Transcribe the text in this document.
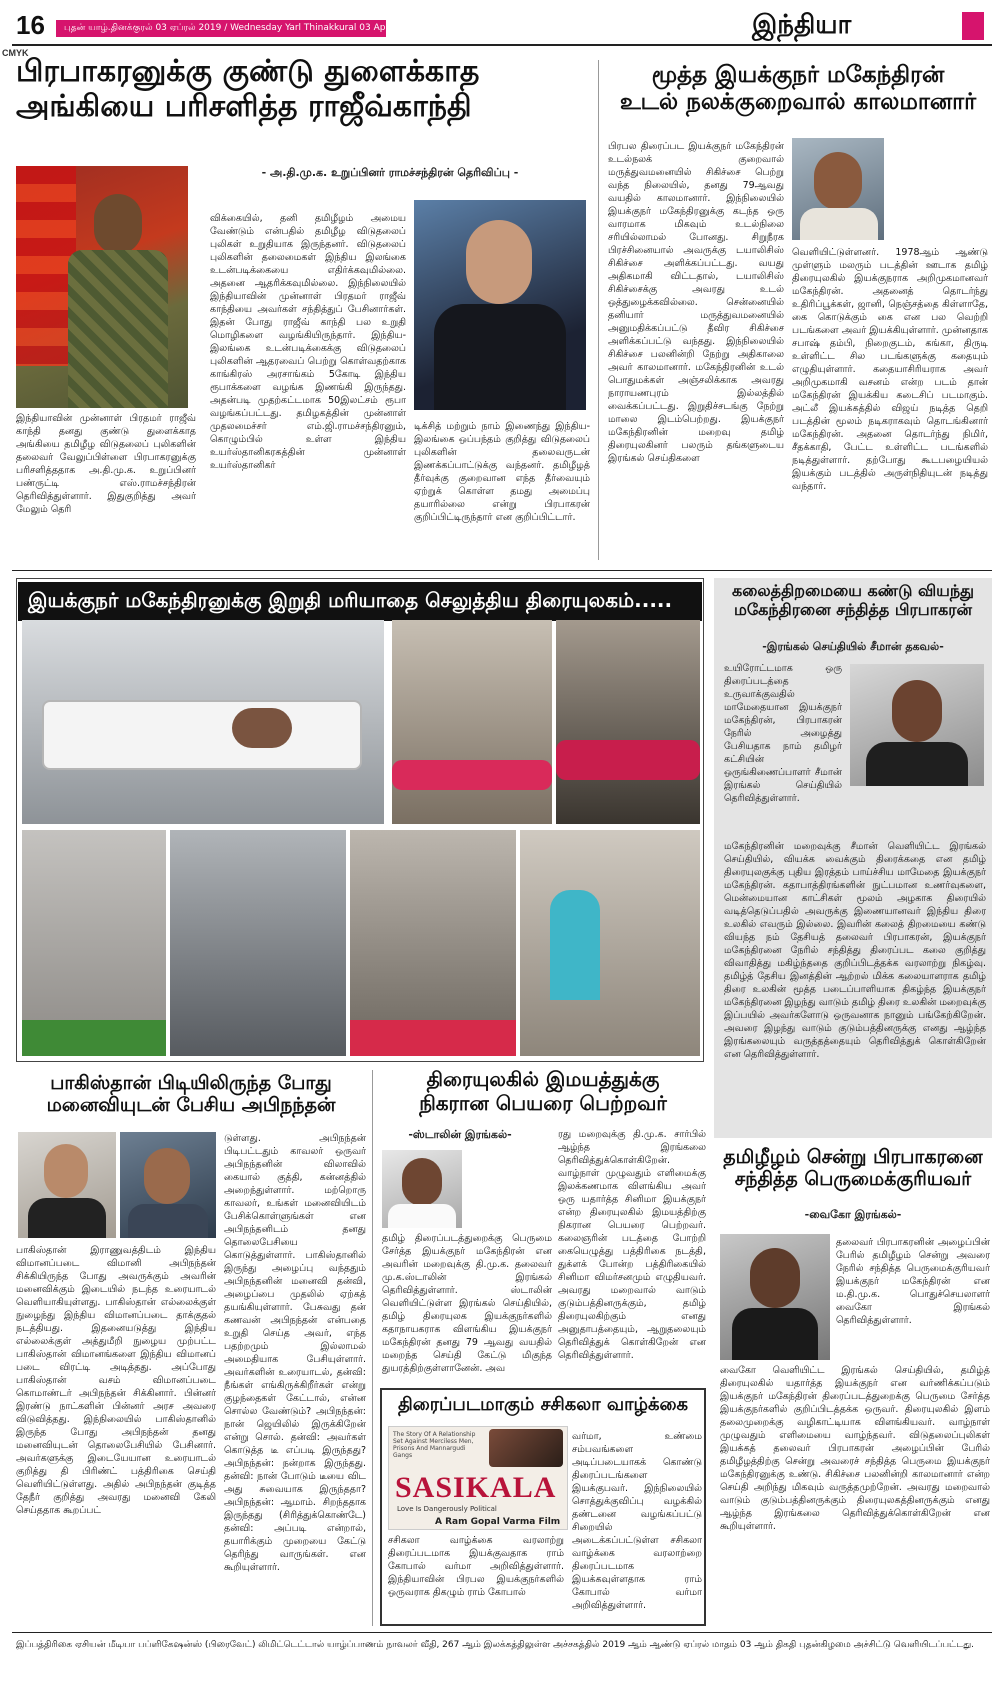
16	புதன் யாழ்.தினக்குரல் 03 ஏப்ரல் 2019 / Wednesday Yarl Thinakkural 03 April 2019	இந்தியா
CMYK
பிரபாகரனுக்கு குண்டு துளைக்காத
அங்கியை பரிசளித்த ராஜீவ்காந்தி
- அ.தி.மு.க. உறுப்பினர் ராமச்சந்திரன் தெரிவிப்பு -
இந்தியாவின் முன்னாள் பிரதமர் ராஜீவ் காந்தி தனது குண்டு துளைக்காத அங்கியை தமிழீழ விடுதலைப் புலிகளின் தலைவர் வேலுப்பிள்ளை பிரபாகரனுக்கு பரிசளித்ததாக அ.தி.மு.க. உறுப்பினர் பண்ருட்டி எஸ்.ராமச்சந்திரன் தெரிவித்துள்ளார். இதுகுறித்து அவர் மேலும் தெரி
விக்கையில், தனி தமிழீழம் அமைய வேண்டும் என்பதில் தமிழீழ விடுதலைப் புலிகள் உறுதியாக இருந்தனர். விடுதலைப் புலிகளின் தலைமைகள் இந்திய இலங்கை உடன்படிக்கையை எதிர்க்கவுமில்லை. அதனை ஆதரிக்கவுமில்லை. இந்நிலையில் இந்தியாவின் முன்னாள் பிரதமர் ராஜீவ் காந்தியை அவர்கள் சந்தித்துப் பேசினார்கள். இதன் போது ராஜீவ் காந்தி பல உறுதி மொழிகளை வழங்கியிருந்தார். இந்திய- இலங்கை உடன்படிக்கைக்கு விடுதலைப் புலிகளின் ஆதரவைப் பெற்று கொள்வதற்காக காங்கிரஸ் அரசாங்கம் 5கோடி இந்திய ரூபாக்களை வழங்க இணங்கி இருந்தது. அதன்படி முதற்கட்டமாக 50இலட்சம் ரூபா வழங்கப்பட்டது. தமிழகத்தின் முன்னாள் முதலமைச்சர் எம்.ஜி.ராமச்சந்திரனும், கொழும்பில் உள்ள இந்திய உயர்ஸ்தானிகரகத்தின் முன்னாள் உயர்ஸ்தானிகர்
டிக்சித் மற்றும் நாம் இணைந்து இந்திய- இலங்கை ஒப்பந்தம் குறித்து விடுதலைப் புலிகளின் தலைவருடன் இணக்கப்பாட்டுக்கு வந்தனர். தமிழீழத் தீர்வுக்கு குறைவான எந்த தீர்வையும் ஏற்றுக் கொள்ள தமது அமைப்பு தயாரில்லை என்று பிரபாகரன் குறிப்பிட்டிருந்தார் என குறிப்பிட்டார்.
மூத்த இயக்குநர் மகேந்திரன்
உடல் நலக்குறைவால் காலமானார்
பிரபல திரைப்பட இயக்குநர் மகேந்திரன் உடல்நலக் குறைவால் மருத்துவமனையில் சிகிச்சை பெற்று வந்த நிலையில், தனது 79ஆவது வயதில் காலமானார். இந்நிலையில் இயக்குநர் மகேந்திரனுக்கு கடந்த ஒரு வாரமாக மிகவும் உடல்நிலை சரியில்லாமல் போனது. சிறுநீரக பிரச்சினையால் அவருக்கு டயாலிசிஸ் சிகிச்சை அளிக்கப்பட்டது. வயது அதிகமாகி விட்டதால், டயாலிசிஸ் சிகிச்சைக்கு அவரது உடல் ஒத்துழைக்கவில்லை. சென்னையில் தனியார் மருத்துவமனையில் அனுமதிக்கப்பட்டு தீவிர சிகிச்சை அளிக்கப்பட்டு வந்தது. இந்நிலையில் சிகிச்சை பலனின்றி நேற்று அதிகாலை அவர் காலமானார். மகேந்திரனின் உடல் பொதுமக்கள் அஞ்சலிக்காக அவரது நாராயணபுரம் இல்லத்தில் வைக்கப்பட்டது. இறுதிச்சடங்கு நேற்று மாலை இடம்பெற்றது. இயக்குநர் மகேந்திரனின் மறைவு தமிழ் திரையுலகினர் பலரும் தங்களுடைய இரங்கல் செய்திகளை
வெளியிட்டுள்ளனர். 1978ஆம் ஆண்டு முள்ளும் மலரும் படத்தின் ஊடாக தமிழ் திரையுலகில் இயக்குநராக அறிமுகமானவர் மகேந்திரன். அதனைத் தொடர்ந்து உதிரிப்பூக்கள், ஜானி, நெஞ்சத்தை கிள்ளாதே, கை கொடுக்கும் கை என பல வெற்றி படங்களை அவர் இயக்கியுள்ளார். முன்னதாக சபாஷ் தம்பி, நிறைகுடம், கங்கா, திருடி உள்ளிட்ட சில படங்களுக்கு கதையும் எழுதியுள்ளார். கதையாசிரியராக அவர் அறிமுகமாகி வசனம் என்ற படம் தான் மகேந்திரன் இயக்கிய கடைசிப் படமாகும். அட்லீ இயக்கத்தில் விஜய் நடித்த தெறி படத்தின் மூலம் நடிகராகவும் தொடங்கினார் மகேந்திரன். அதனை தொடர்ந்து நிமிர், சீதக்காதி, பேட்ட உள்ளிட்ட படங்களில் நடித்துள்ளார். தற்போது கூடபழையியல் இயக்கும் படத்தில் அருள்நிதியுடன் நடித்து வந்தார்.
இயக்குநர் மகேந்திரனுக்கு இறுதி மரியாதை செலுத்திய திரையுலகம்.....	கலைத்திறமையை கண்டு வியந்து
மகேந்திரனை சந்தித்த பிரபாகரன்
-இரங்கல் செய்தியில் சீமான் தகவல்-
உயிரோட்டமாக ஒரு திரைப்படத்தை உருவாக்குவதில் மாமேதையான இயக்குநர் மகேந்திரன், பிரபாகரன் நேரில் அழைத்து பேசியதாக நாம் தமிழர் கட்சியின் ஒருங்கிணைப்பாளர் சீமான் இரங்கல் செய்தியில் தெரிவித்துள்ளார்.
மகேந்திரனின் மறைவுக்கு சீமான் வெளியிட்ட இரங்கல் செய்தியில், வியக்க வைக்கும் திரைக்கதை என தமிழ் திரையுலகுக்கு புதிய இரத்தம் பாய்ச்சிய மாமேதை இயக்குநர் மகேந்திரன். கதாபாத்திரங்களின் நுட்பமான உணர்வுகளை, மென்மையான காட்சிகள் மூலம் அழகாக திரையில் வடித்தெடுப்பதில் அவருக்கு இணையானவர் இந்திய திரை உலகில் எவரும் இல்லை. இவரின் கலைத் திறமையை கண்டு வியந்த நம் தேசியத் தலைவர் பிரபாகரன், இயக்குநர் மகேந்திரனை நேரில் சந்தித்து திரைப்பட கலை குறித்து விவாதித்து மகிழ்ந்ததை குறிப்பிடத்தக்க வரலாற்று நிகழ்வு. தமிழ்த் தேசிய இனத்தின் ஆற்றல் மிக்க கலையாளராக தமிழ் திரை உலகின் மூத்த படைப்பாளியாக திகழ்ந்த இயக்குநர் மகேந்திரனை இழந்து வாடும் தமிழ் திரை உலகின் மறைவுக்கு இப்பயில் அவர்களோடு ஒருவனாக நானும் பங்கேற்கிறேன். அவரை இழந்து வாடும் குடும்பத்தினருக்கு எனது ஆழ்ந்த இரங்கலையும் வருத்தத்தையும் தெரிவித்துக் கொள்கிறேன் என தெரிவித்துள்ளார்.
பாகிஸ்தான் பிடியிலிருந்த போது
மனைவியுடன் பேசிய அபிநந்தன்
பாகிஸ்தான் இராணுவத்திடம் இந்திய விமானப்படை விமானி அபிநந்தன் சிக்கியிருந்த போது அவருக்கும் அவரின் மனைவிக்கும் இடையில் நடந்த உரையாடல் வெளியாகியுள்ளது. பாகிஸ்தான் எல்லைக்குள் நுழைந்து இந்திய விமானப்படை தாக்குதல் நடத்தியது. இதனையடுத்து இந்திய எல்லைக்குள் அத்துமீறி நுழைய முற்பட்ட பாகிஸ்தான் விமானங்களை இந்திய விமானப் படை விரட்டி அடித்தது. அப்போது பாகிஸ்தான் வசம் விமானப்படை கொமாண்டர் அபிநந்தன் சிக்கினார். பின்னர் இரண்டு நாட்களின் பின்னர் அரச அவரை விடுவித்தது. இந்நிலையில் பாகிஸ்தானில் இருந்த போது அபிநந்தன் தனது மனைவியுடன் தொலைபேசியில் பேசினார். அவர்களுக்கு இடையேயான உரையாடல் குறித்து தி பிரிண்ட் பத்திரிகை செய்தி வெளியிட்டுள்ளது. அதில் அபிநந்தன் குடித்த தேநீர் குறித்து அவரது மனைவி கேலி செய்ததாக கூறப்பட்
டுள்ளது. அபிநந்தன் பிடிபட்டதும் காவலர் ஒருவர் அபிநந்தனின் விலாவில் கையால் குத்தி, கன்னத்தில் அறைந்துள்ளார். மற்றொரு காவலர், உங்கள் மனைவியிடம் பேசிக்கொள்ளுங்கள் என அபிநந்தனிடம் தனது தொலைபேசியை கொடுத்துள்ளார். பாகிஸ்தானில் இருந்து அழைப்பு வந்ததும் அபிநந்தனின் மனைவி தன்வி, அழைப்பை முதலில் ஏற்கத் தயங்கியுள்ளார். பேசுவது தன் கணவன் அபிநந்தன் என்பதை உறுதி செய்த அவர், எந்த பதற்றமும் இல்லாமல் அமைதியாக பேசியுள்ளார். அவர்களின் உரையாடல், தன்வி: நீங்கள் எங்கிருக்கிறீர்கள் என்று குழந்தைகள் கேட்டால், என்ன சொல்ல வேண்டும்? அபிநந்தன்: நான் ஜெயிலில் இருக்கிறேன் என்று சொல். தன்வி: அவர்கள் கொடுத்த டீ எப்படி இருந்தது? அபிநந்தன்: நன்றாக இருந்தது. தன்வி: நான் போடும் டீயை விட அது சுவையாக இருந்ததா? அபிநந்தன்: ஆமாம். சிறந்ததாக இருந்தது (சிரித்துக்கொண்டே) தன்வி: அப்படி என்றால், தயாரிக்கும் முறையை கேட்டு தெரிந்து வாருங்கள். என கூறியுள்ளார்.
திரையுலகில் இமயத்துக்கு
நிகரான பெயரை பெற்றவர்
-ஸ்டாலின் இரங்கல்-
தமிழ் திரைப்படத்துறைக்கு பெருமை சேர்த்த இயக்குநர் மகேந்திரன் என அவரின் மறைவுக்கு தி.மு.க. தலைவர் மு.க.ஸ்டாலின் இரங்கல் தெரிவித்துள்ளார். ஸ்டாலின் வெளியிட்டுள்ள இரங்கல் செய்தியில், தமிழ் திரையுலக இயக்குநர்களில் கதாநாயகராக விளங்கிய இயக்குநர் மகேந்திரன் தனது 79 ஆவது வயதில் மறைந்த செய்தி கேட்டு மிகுந்த துயரத்திற்குள்ளானேன். அவ
ரது மறைவுக்கு தி.மு.க. சார்பில் ஆழ்ந்த இரங்கலை தெரிவித்துக்கொள்கிறேன். வாழ்நாள் முழுவதும் எளிமைக்கு இலக்கணமாக விளங்கிய அவர் ஒரு யதார்த்த சினிமா இயக்குநர் என்ற திரையுலகில் இமயத்திற்கு நிகரான பெயரை பெற்றவர். கலைஞரின் படத்தை போற்றி கையெழுத்து பத்திரிகை நடத்தி, துக்ளக் போன்ற பத்திரிகையில் சினிமா விமர்சனமும் எழுதியவர். அவரது மறைவால் வாடும் குடும்பத்தினருக்கும், தமிழ் திரையுலகிற்கும் எனது அனுதாபத்தையும், ஆறுதலையும் தெரிவித்துக் கொள்கிறேன் என தெரிவித்துள்ளார்.
திரைப்படமாகும் சசிகலா வாழ்க்கை
The Story Of A Relationship Set Against Merciless Men, Prisons And Mannargudi Gangs
SASIKALA
Love Is Dangerously Political
A Ram Gopal Varma Film
சசிகலா வாழ்க்கை வரலாற்று திரைப்படமாக இயக்குவதாக ராம் கோபால் வர்மா அறிவித்துள்ளார். இந்தியாவின் பிரபல இயக்குநர்களில் ஒருவராக திகழும் ராம் கோபால்
வர்மா, உண்மை சம்பவங்களை அடிப்படையாகக் கொண்டு திரைப்படங்களை இயக்குபவர். இந்நிலையில் சொத்துக்குவிப்பு வழக்கில் தண்டனை வழங்கப்பட்டு சிறையில் அடைக்கப்பட்டுள்ள சசிகலா வாழ்க்கை வரலாற்றை திரைப்படமாக இயக்கவுள்ளதாக ராம் கோபால் வர்மா அறிவித்துள்ளார்.
தமிழீழம் சென்று பிரபாகரனை
சந்தித்த பெருமைக்குரியவர்
-வைகோ இரங்கல்-
தலைவர் பிரபாகரனின் அழைப்பின் பேரில் தமிழீழம் சென்று அவரை நேரில் சந்தித்த பெருமைக்குரியவர் இயக்குநர் மகேந்திரன் என ம.தி.மு.க. பொதுச்செயலாளர் வைகோ இரங்கல் தெரிவித்துள்ளார்.
வைகோ வெளியிட்ட இரங்கல் செய்தியில், தமிழ்த் திரையுலகில் யதார்த்த இயக்குநர் என வர்ணிக்கப்படும் இயக்குநர் மகேந்திரன் திரைப்படத்துறைக்கு பெருமை சேர்த்த இயக்குநர்களில் குறிப்பிடத்தக்க ஒருவர். திரையுலகில் இளம் தலைமுறைக்கு வழிகாட்டியாக விளங்கியவர். வாழ்நாள் முழுவதும் எளிமையை வாழ்ந்தவர். விடுதலைப்புலிகள் இயக்கத் தலைவர் பிரபாகரன் அழைப்பின் பேரில் தமிழீழத்திற்கு சென்று அவரைச் சந்தித்த பெருமை இயக்குநர் மகேந்திரனுக்கு உண்டு. சிகிச்சை பலனின்றி காலமானார் என்ற செய்தி அறிந்து மிகவும் வருத்தமுற்றேன். அவரது மறைவால் வாடும் குடும்பத்தினருக்கும் திரையுலகத்தினருக்கும் எனது ஆழ்ந்த இரங்கலை தெரிவித்துக்கொள்கிறேன் என கூறியுள்ளார்.
இப்பத்திரிகை ஏசியன் மீடியா பப்ளிகேஷன்ஸ் (பிரைவேட்) லிமிட்டெட்டால் யாழ்ப்பாணம் நாவலர் வீதி, 267 ஆம் இலக்கத்திலுள்ள அச்சகத்தில் 2019 ஆம் ஆண்டு ஏப்ரல் மாதம் 03 ஆம் திகதி புதன்கிழமை அச்சிட்டு வெளியிடப்பட்டது.
